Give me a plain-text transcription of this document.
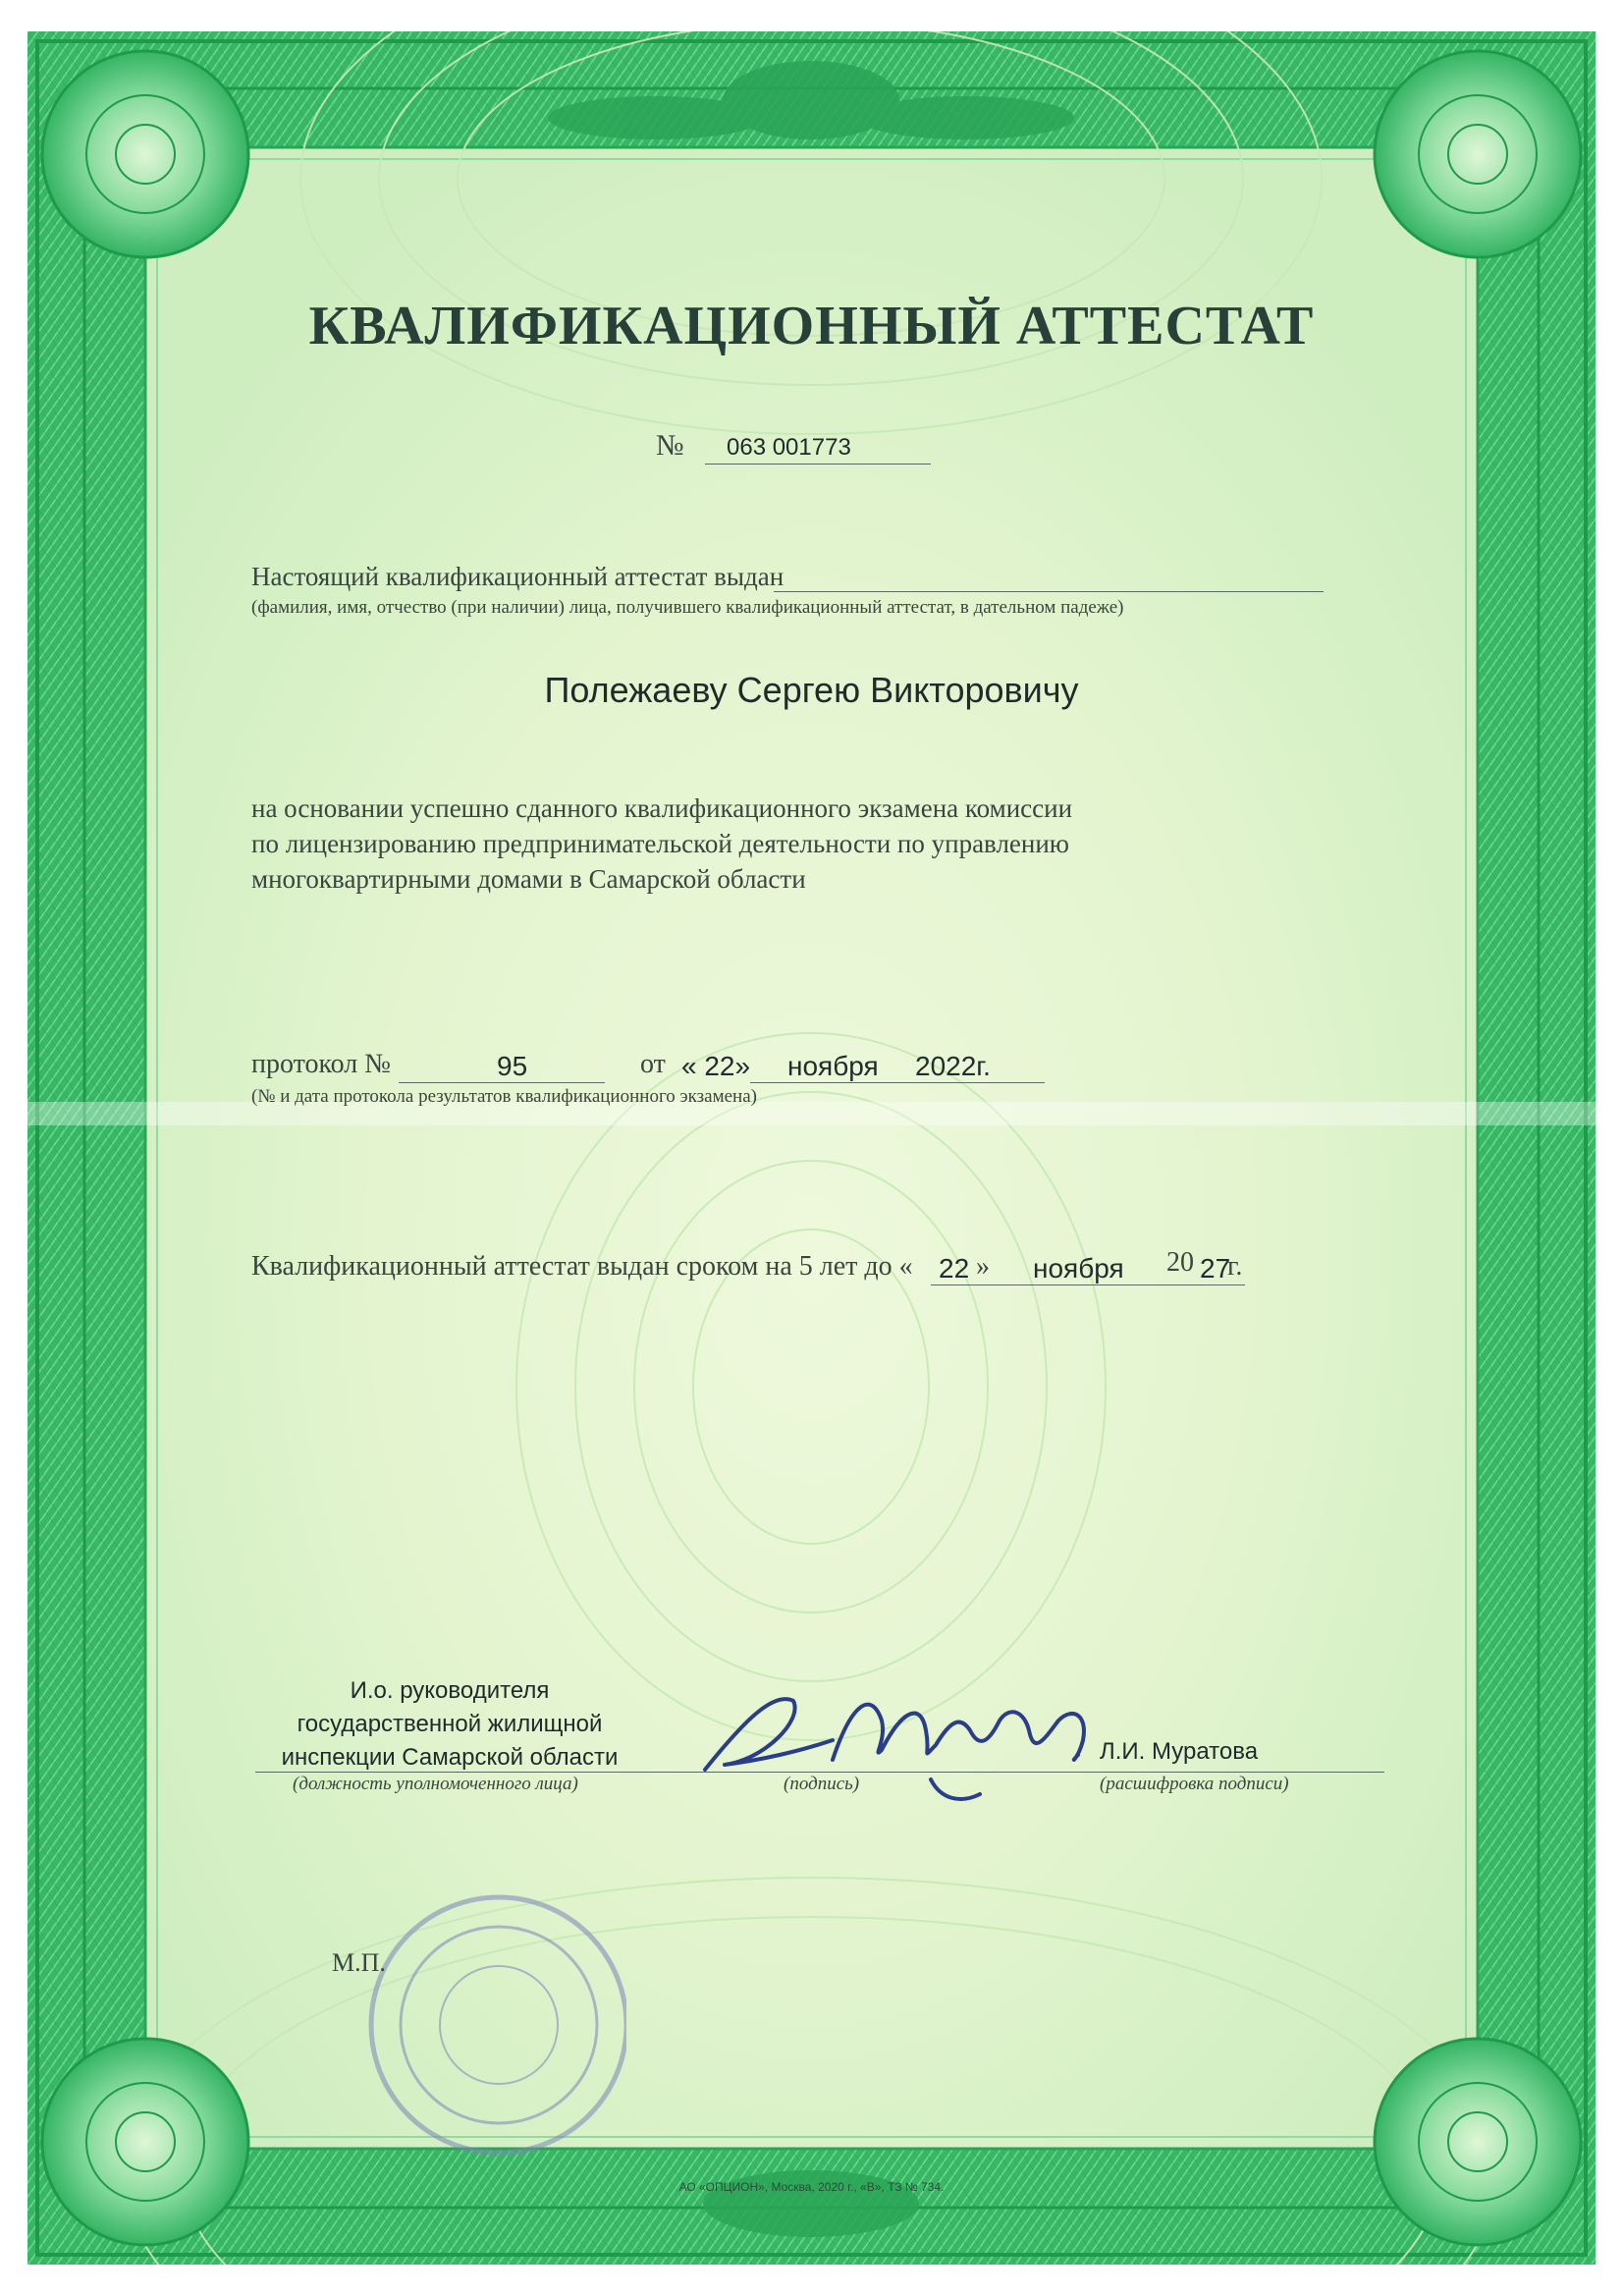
КВАЛИФИКАЦИОННЫЙ АТТЕСТАТ
№ 063 001773
Настоящий квалификационный аттестат выдан
(фамилия, имя, отчество (при наличии) лица, получившего квалификационный аттестат, в дательном падеже)
Полежаеву Сергею Викторовичу
на основании успешно сданного квалификационного экзамена комиссии
по лицензированию предпринимательской деятельности по управлению
многоквартирными домами в Самарской области
протокол №	95	от « 22» ноября 2022г.
(№ и дата протокола результатов квалификационного экзамена)
Квалификационный аттестат выдан сроком на 5 лет до « 22 » ноября 20 27
г.
И.о. руководителя
государственной жилищной
инспекции Самарской области
(должность уполномоченного лица)	(подпись)
Л.И. Муратова
(расшифровка подписи)
М.П.
АО «ОПЦИОН», Москва, 2020 г., «В», ТЗ № 734.
